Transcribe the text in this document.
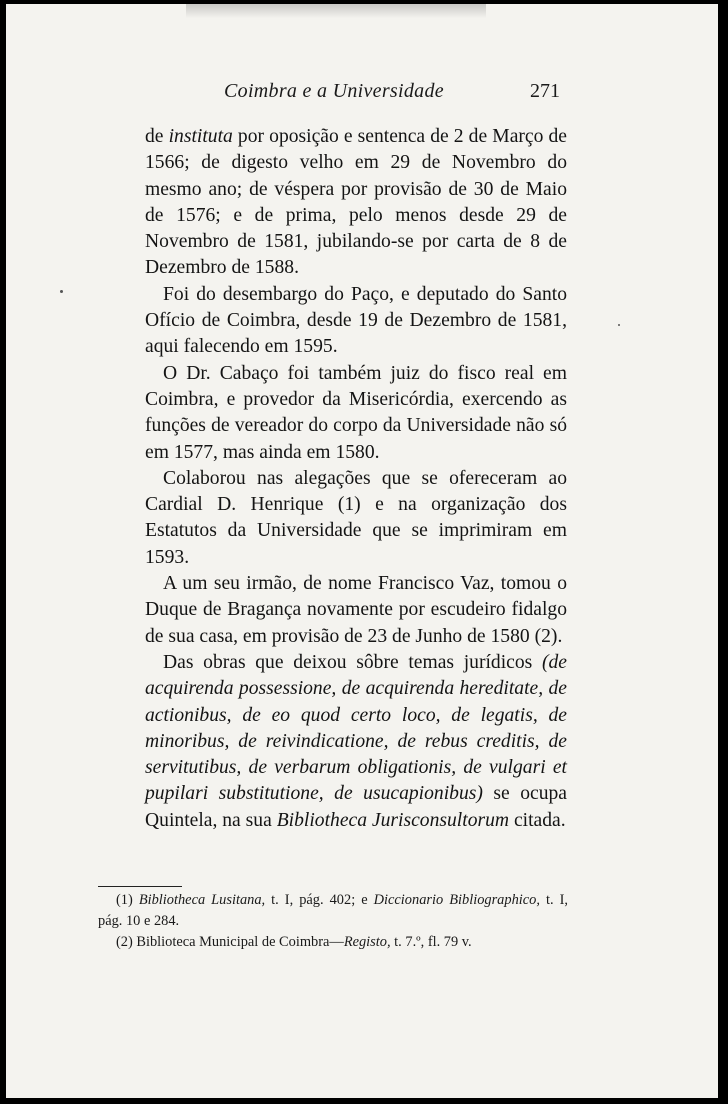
Coimbra e a Universidade	271

de instituta por oposição e sentenca de 2 de Março de 1566; de digesto velho em 29 de Novembro do mesmo ano; de véspera por provisão de 30 de Maio de 1576; e de prima, pelo menos desde 29 de Novembro de 1581, jubilando-se por carta de 8 de Dezembro de 1588.

Foi do desembargo do Paço, e deputado do Santo Ofício de Coimbra, desde 19 de Dezembro de 1581, aqui falecendo em 1595.

O Dr. Cabaço foi também juiz do fisco real em Coimbra, e provedor da Misericórdia, exercendo as funções de vereador do corpo da Universidade não só em 1577, mas ainda em 1580.

Colaborou nas alegações que se ofereceram ao Cardial D. Henrique (1) e na organização dos Estatutos da Universidade que se imprimiram em 1593.

A um seu irmão, de nome Francisco Vaz, tomou o Duque de Bragança novamente por escudeiro fidalgo de sua casa, em provisão de 23 de Junho de 1580 (2).

Das obras que deixou sôbre temas jurídicos (de acquirenda possessione, de acquirenda hereditate, de actionibus, de eo quod certo loco, de legatis, de minoribus, de reivindicatione, de rebus creditis, de servitutibus, de verbarum obligationis, de vulgari et pupilari substitutione, de usucapionibus) se ocupa Quintela, na sua Bibliotheca Jurisconsultorum citada.

(1) Bibliotheca Lusitana, t. I, pág. 402; e Diccionario Bibliographico, t. I, pág. 10 e 284.

(2) Biblioteca Municipal de Coimbra—Registo, t. 7.º, fl. 79 v.
